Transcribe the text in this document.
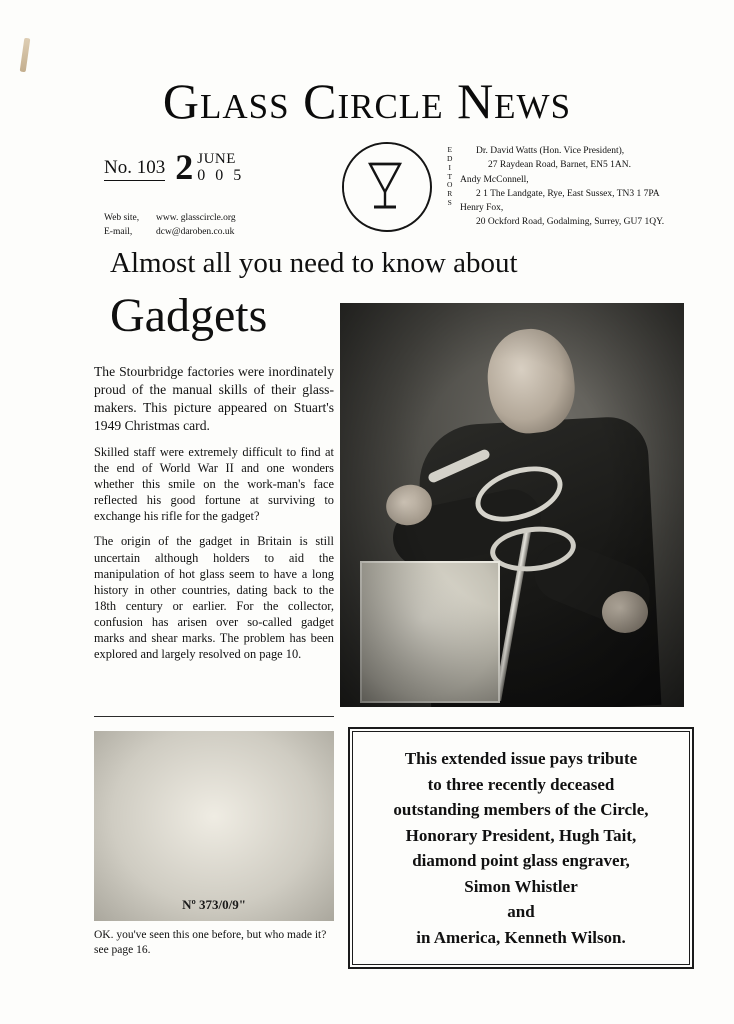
Glass Circle News
No. 103 2 JUNE
0 0 5
Web site,	www. glasscircle.org
E-mail,	dcw@daroben.co.uk
E
D
I
T
O
R
S
Dr. David Watts (Hon. Vice President),
27 Raydean Road, Barnet, EN5 1AN.
Andy McConnell,
2 1 The Landgate, Rye, East Sussex, TN3 1 7PA
Henry Fox,
20 Ockford Road, Godalming, Surrey, GU7 1QY.
Almost all you need to know about
Gadgets

The Stourbridge factories were inordinately proud of the manual skills of their glass-makers. This picture appeared on Stuart's 1949 Christmas card.

Skilled staff were extremely difficult to find at the end of World War II and one wonders whether this smile on the work-man's face reflected his good fortune at surviving to exchange his rifle for the gadget?

The origin of the gadget in Britain is still uncertain although holders to aid the manipulation of hot glass seem to have a long history in other countries, dating back to the 18th century or earlier. For the collector, confusion has arisen over so-called gadget marks and shear marks. The problem has been explored and largely resolved on page 10.

Nº 373/0/9"
OK. you've seen this one before, but who made it? see page 16.
This extended issue pays tribute
to three recently deceased
outstanding members of the Circle,
Honorary President, Hugh Tait,
diamond point glass engraver,
Simon Whistler
and
in America, Kenneth Wilson.
